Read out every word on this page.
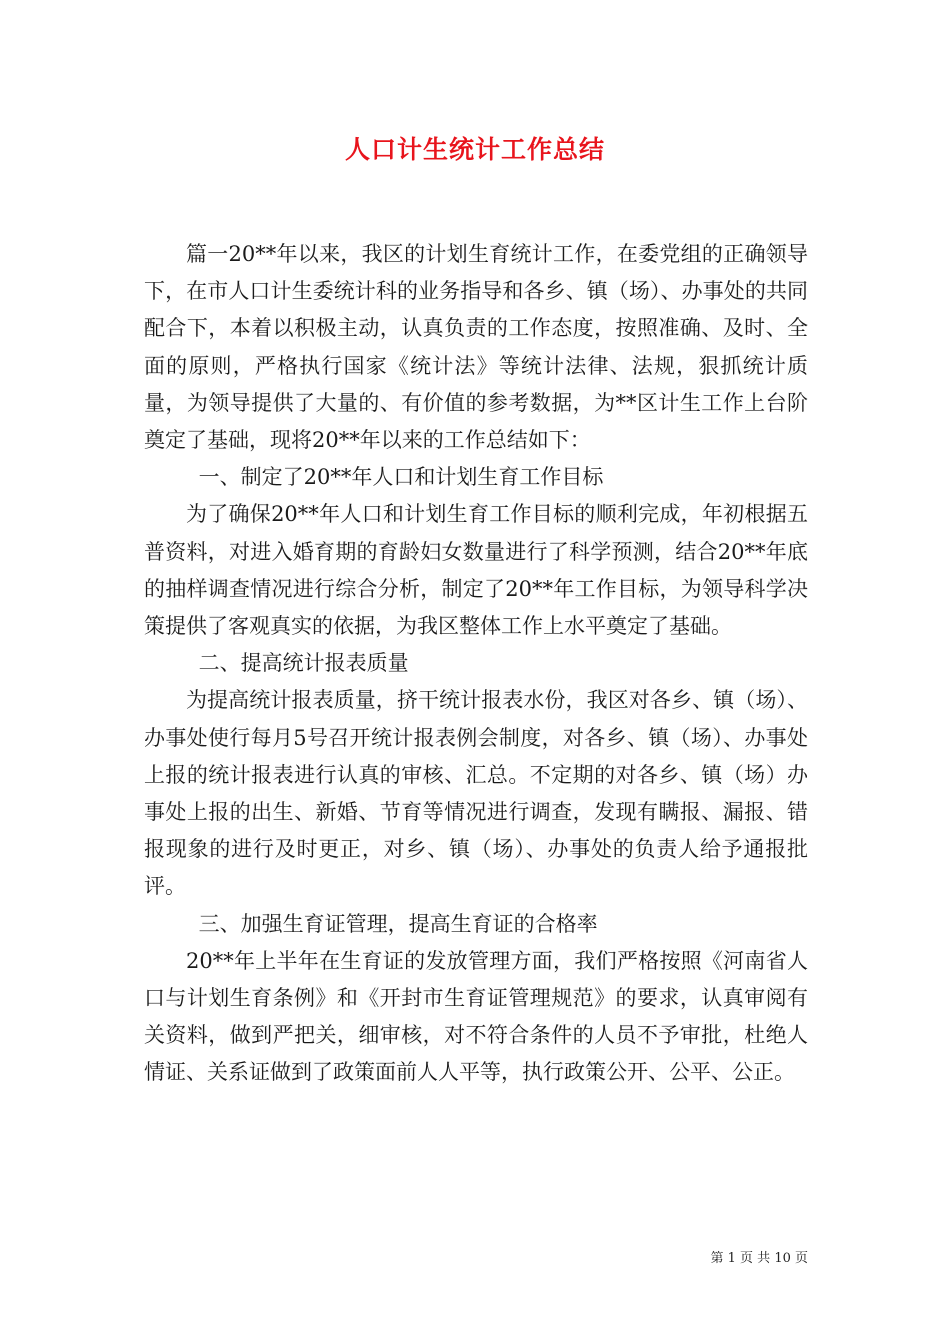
人口计生统计工作总结

篇一20**年以来，我区的计划生育统计工作，在委党组的正确领导下，在市人口计生委统计科的业务指导和各乡、镇（场）、办事处的共同配合下，本着以积极主动，认真负责的工作态度，按照准确、及时、全面的原则，严格执行国家《统计法》等统计法律、法规，狠抓统计质量，为领导提供了大量的、有价值的参考数据，为**区计生工作上台阶奠定了基础，现将20**年以来的工作总结如下：

一、制定了20**年人口和计划生育工作目标

为了确保20**年人口和计划生育工作目标的顺利完成，年初根据五普资料，对进入婚育期的育龄妇女数量进行了科学预测，结合20**年底的抽样调查情况进行综合分析，制定了20**年工作目标，为领导科学决策提供了客观真实的依据，为我区整体工作上水平奠定了基础。

二、提高统计报表质量

为提高统计报表质量，挤干统计报表水份，我区对各乡、镇（场）、办事处使行每月5号召开统计报表例会制度，对各乡、镇（场）、办事处上报的统计报表进行认真的审核、汇总。不定期的对各乡、镇（场）办事处上报的出生、新婚、节育等情况进行调查，发现有瞒报、漏报、错报现象的进行及时更正，对乡、镇（场）、办事处的负责人给予通报批评。

三、加强生育证管理，提高生育证的合格率

20**年上半年在生育证的发放管理方面，我们严格按照《河南省人口与计划生育条例》和《开封市生育证管理规范》的要求，认真审阅有关资料，做到严把关，细审核，对不符合条件的人员不予审批，杜绝人情证、关系证做到了政策面前人人平等，执行政策公开、公平、公正。

第 1 页 共 10 页
